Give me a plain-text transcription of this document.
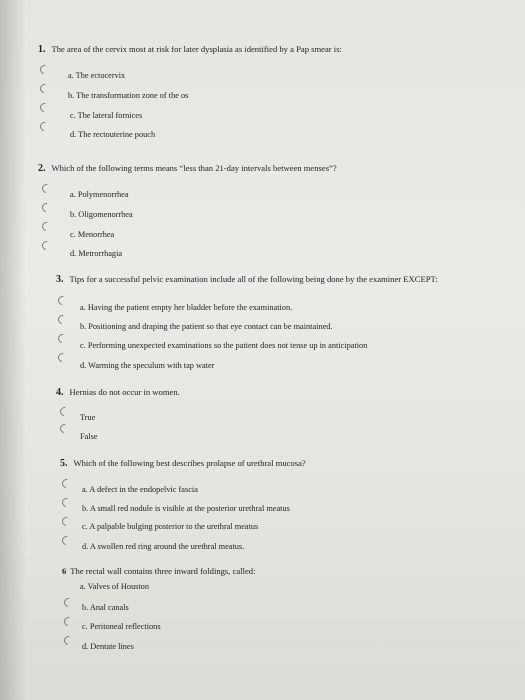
1. The area of the cervix most at risk for later dysplasia as identified by a Pap smear is:
a. The ectocervix
b. The transformation zone of the os
c. The lateral fornices
d. The rectouterine pouch
2. Which of the following terms means “less than 21-day intervals between menses”?
a. Polymenorrhea
b. Oligomenorrhea
c. Menorrhea
d. Metrorrhagia
3. Tips for a successful pelvic examination include all of the following being done by the examiner EXCEPT:
a. Having the patient empty her bladder before the examination.
b. Positioning and draping the patient so that eye contact can be maintained.
c. Performing unexpected examinations so the patient does not tense up in anticipation
d. Warming the speculum with tap water
4. Hernias do not occur in women.
True
False
5. Which of the following best describes prolapse of urethral mucosa?
a. A defect in the endopelvic fascia
b. A small red nodule is visible at the posterior urethral meatus
c. A palpable bulging posterior to the urethral meatus
d. A swollen red ring around the urethral meatus.
6 The rectal wall contains three inward foldings, called:
a. Valves of Houston
b. Anal canals
c. Peritoneal reflections
d. Dentate lines
